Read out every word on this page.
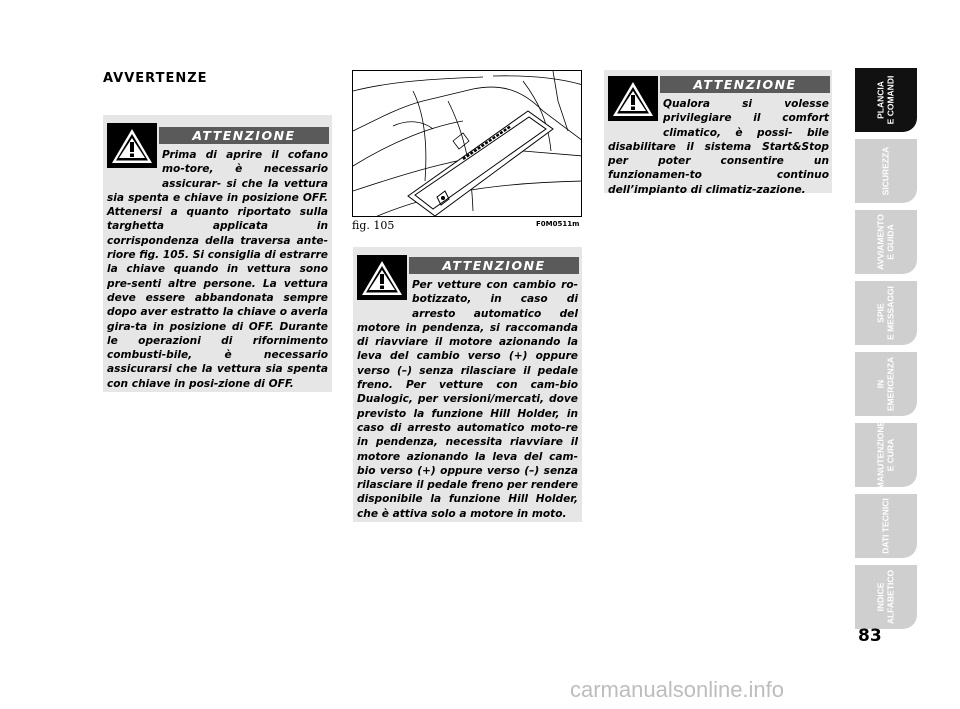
AVVERTENZE
ATTENZIONE
Prima di aprire il cofano mo-tore, è necessario assicurar- si che la vettura sia spenta e chiave in posizione OFF. Attenersi a quanto riportato sulla targhetta applicata in corrispondenza della traversa ante-riore fig. 105. Si consiglia di estrarre la chiave quando in vettura sono pre-senti altre persone. La vettura deve essere abbandonata sempre dopo aver estratto la chiave o averla gira-ta in posizione di OFF. Durante le operazioni di rifornimento combusti-bile, è necessario assicurarsi che la vettura sia spenta con chiave in posi-zione di OFF.
fig. 105	F0M0511m
ATTENZIONE
Per vetture con cambio ro-botizzato, in caso di arresto automatico del motore in pendenza, si raccomanda di riavviare il motore azionando la leva del cambio verso (+) oppure verso (–) senza rilasciare il pedale freno. Per vetture con cam-bio Dualogic, per versioni/mercati, dove previsto la funzione Hill Holder, in caso di arresto automatico moto-re in pendenza, necessita riavviare il motore azionando la leva del cam-bio verso (+) oppure verso (–) senza rilasciare il pedale freno per rendere disponibile la funzione Hill Holder, che è attiva solo a motore in moto.
ATTENZIONE
Qualora si volesse privilegiare il comfort climatico, è possi- bile disabilitare il sistema Start&Stop per poter consentire un funzionamen-to continuo dell’impianto di climatiz-zazione.
PLANCIA E COMANDI
SICUREZZA
AVVIAMENTO E GUIDA
SPIE E MESSAGGI
IN EMERGENZA
MANUTENZIONE E CURA
DATI TECNICI
INDICE ALFABETICO
83
carmanualsonline.info
